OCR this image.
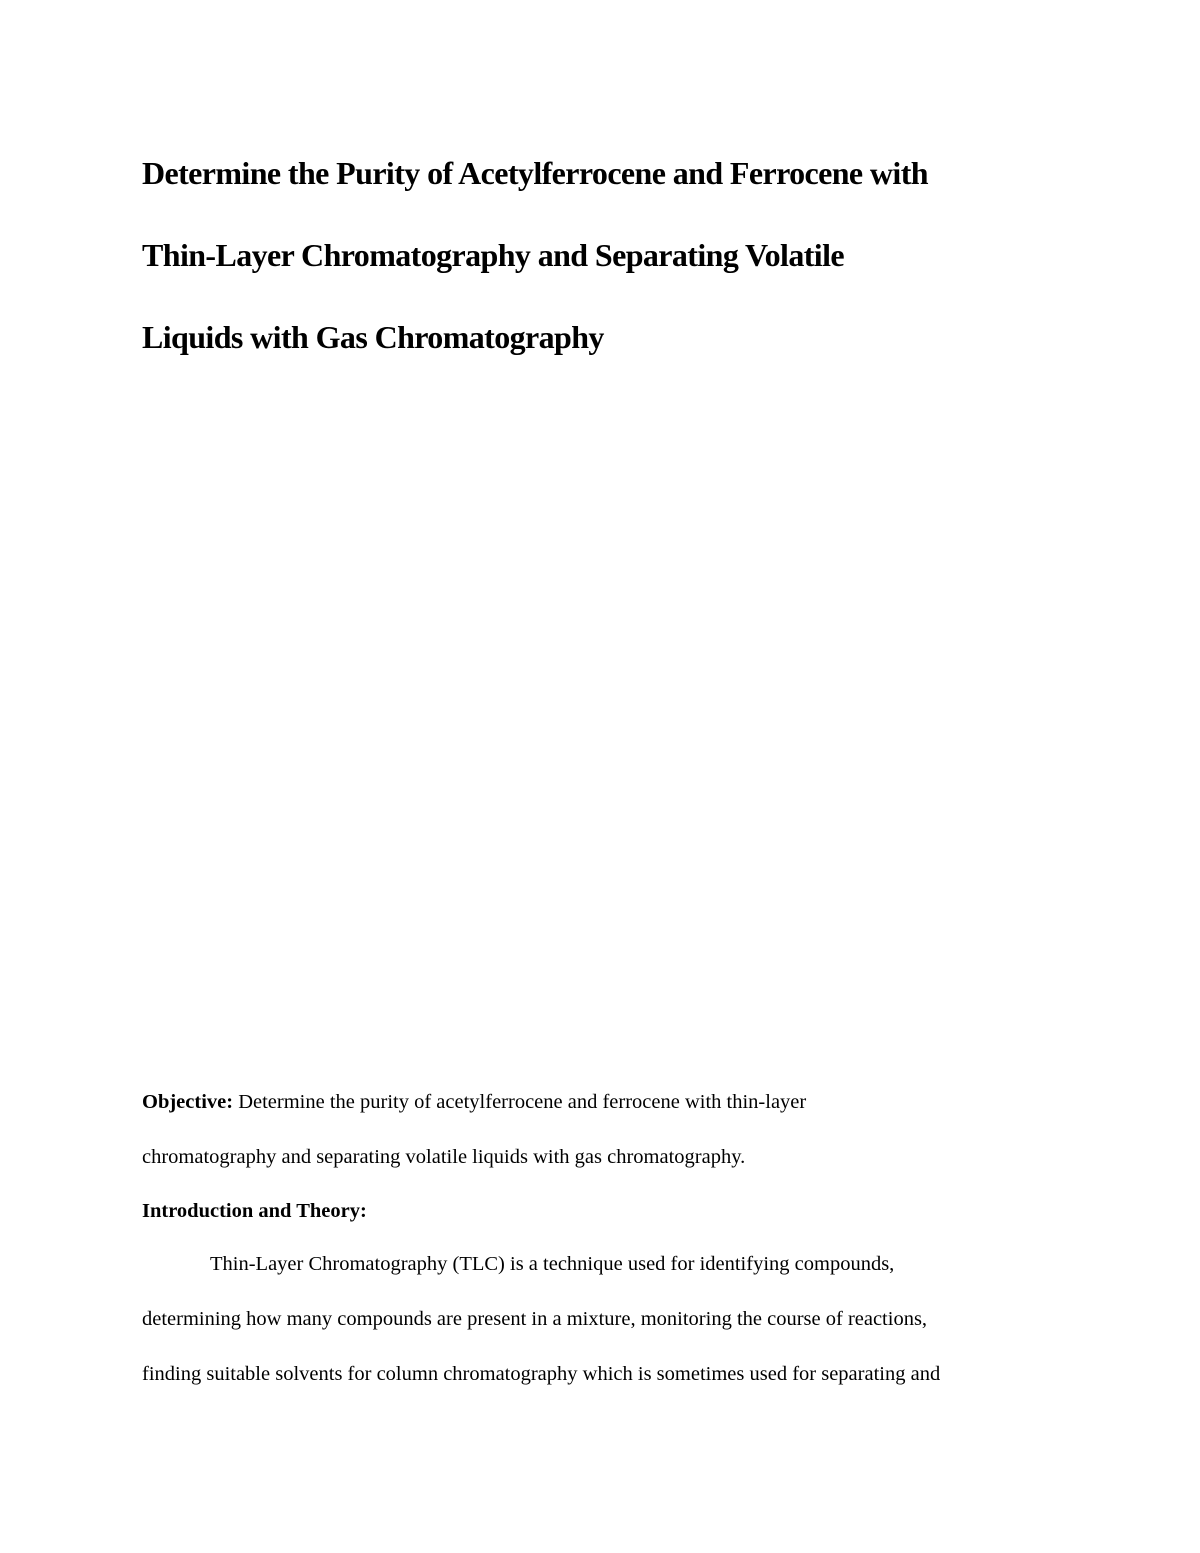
Determine the Purity of Acetylferrocene and Ferrocene with
Thin-Layer Chromatography and Separating Volatile
Liquids with Gas Chromatography

Objective: Determine the purity of acetylferrocene and ferrocene with thin-layer

chromatography and separating volatile liquids with gas chromatography.

Introduction and Theory:

Thin-Layer Chromatography (TLC) is a technique used for identifying compounds,

determining how many compounds are present in a mixture, monitoring the course of reactions,

finding suitable solvents for column chromatography which is sometimes used for separating and
